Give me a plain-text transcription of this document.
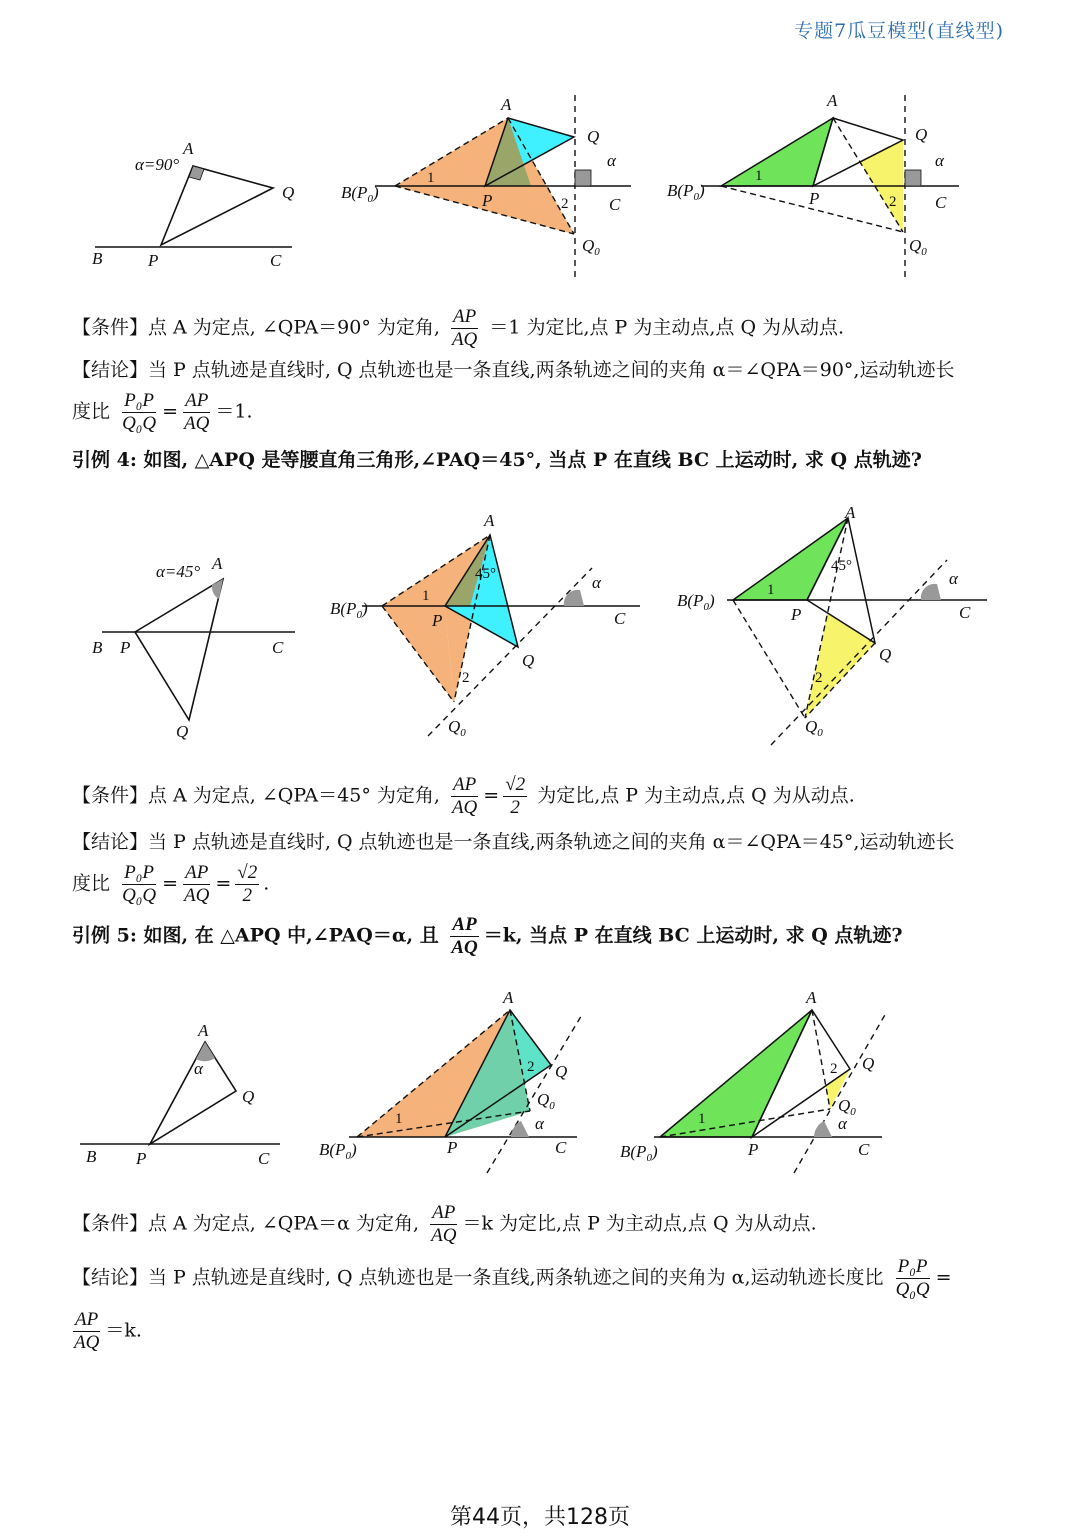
专题7瓜豆模型(直线型)
α=90°
A
Q
B	P	C
A
Q
$B(P_0)$	P	C
$Q_0$
1
2
α
A
Q
$B(P_0)$	P	C
$Q_0$
1
2
α
【条件】点 A 为定点, ∠QPA＝90° 为定角, $\frac{AP}{AQ} =1$ 为定比,点 P 为主动点,点 Q 为从动点.
【结论】当 P 点轨迹是直线时, Q 点轨迹也是一条直线,两条轨迹之间的夹角 α＝∠QPA＝90°,运动轨迹长
度比 $\frac{\text{P₀P}}{\text{Q₀Q}} = \frac{AP}{AQ} =1$.
引例 4: 如图, △APQ 是等腰直角三角形,∠PAQ＝45°, 当点 P 在直线 BC 上运动时, 求 Q 点轨迹?
α=45° A
B P	C
Q
A
$B(P_0)$
P	C
Q
$Q_0$
1
2
45°	α
A
$B(P_0)$
P	C
Q
$Q_0$
1
2
45°
α
【条件】点 A 为定点, ∠QPA＝45° 为定角, $\frac{AP}{AQ} = \frac{√2}{2}$ 为定比,点 P 为主动点,点 Q 为从动点.
【结论】当 P 点轨迹是直线时, Q 点轨迹也是一条直线,两条轨迹之间的夹角 α＝∠QPA＝45°,运动轨迹长
度比 $\frac{\text{P₀P}}{\text{Q₀Q}} = \frac{AP}{AQ} = \frac{√2}{2}$ .
引例 5: 如图, 在 △APQ 中,∠PAQ＝α, 且 $\frac{AP}{AQ} =k$, 当点 P 在直线 BC 上运动时, 求 Q 点轨迹?
A
α
Q
B P	C
A
Q
$Q_0$
$B(P_0)$	P	C
1
2
α
A
Q
$Q_0$
$B(P_0)$	P	C
1
2
α
【条件】点 A 为定点, ∠QPA＝α 为定角, $\frac{AP}{AQ} =k$ 为定比,点 P 为主动点,点 Q 为从动点.
【结论】当 P 点轨迹是直线时, Q 点轨迹也是一条直线,两条轨迹之间的夹角为 α,运动轨迹长度比 $\frac{\text{P₀P}}{\text{Q₀Q}}$ =
$\frac{AP}{AQ} =k$.
第44页，共128页
